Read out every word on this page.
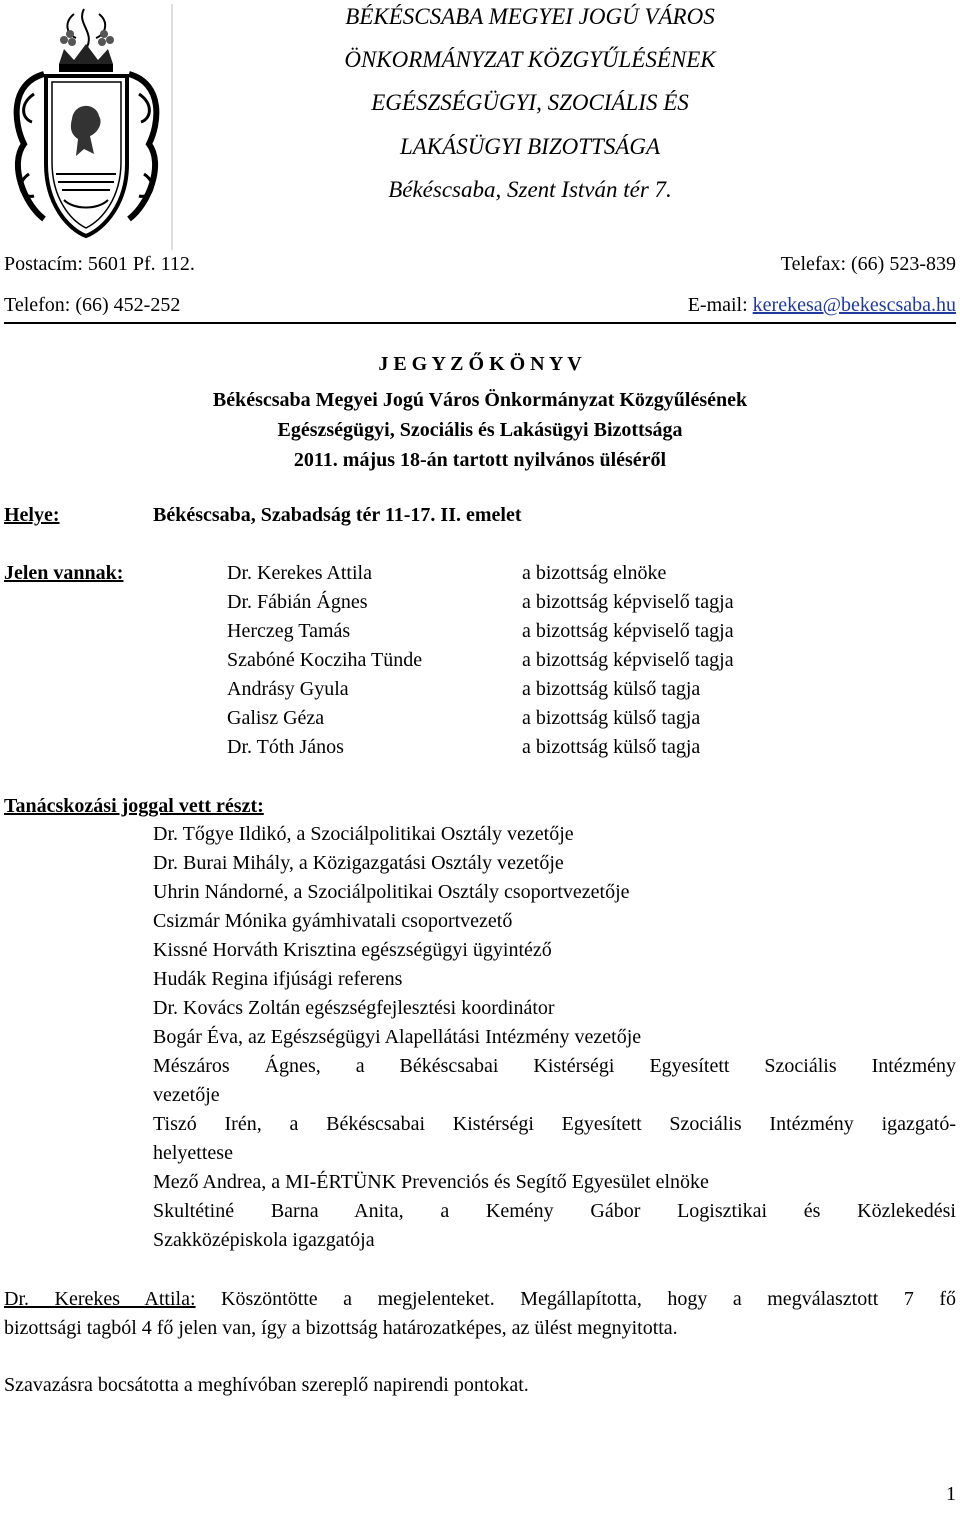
BÉKÉSCSABA MEGYEI JOGÚ VÁROS
ÖNKORMÁNYZAT KÖZGYŰLÉSÉNEK
EGÉSZSÉGÜGYI, SZOCIÁLIS ÉS
LAKÁSÜGYI BIZOTTSÁGA
Békéscsaba, Szent István tér 7.
Postacím: 5601 Pf. 112.	Telefax: (66) 523-839
Telefon: (66) 452-252	E-mail: kerekesa@bekescsaba.hu
J E G Y Z Ő K Ö N Y V
Békéscsaba Megyei Jogú Város Önkormányzat Közgyűlésének
Egészségügyi, Szociális és Lakásügyi Bizottsága
2011. május 18-án tartott nyilvános üléséről
Helye:	Békéscsaba, Szabadság tér 11-17. II. emelet
Jelen vannak:	Dr. Kerekes Attila	a bizottság elnöke
Dr. Fábián Ágnes	a bizottság képviselő tagja
Herczeg Tamás	a bizottság képviselő tagja
Szabóné Kocziha Tünde	a bizottság képviselő tagja
Andrásy Gyula	a bizottság külső tagja
Galisz Géza	a bizottság külső tagja
Dr. Tóth János	a bizottság külső tagja
Tanácskozási joggal vett részt:
Dr. Tőgye Ildikó, a Szociálpolitikai Osztály vezetője
Dr. Burai Mihály, a Közigazgatási Osztály vezetője
Uhrin Nándorné, a Szociálpolitikai Osztály csoportvezetője
Csizmár Mónika gyámhivatali csoportvezető
Kissné Horváth Krisztina egészségügyi ügyintéző
Hudák Regina ifjúsági referens
Dr. Kovács Zoltán egészségfejlesztési koordinátor
Bogár Éva, az Egészségügyi Alapellátási Intézmény vezetője
Mészáros Ágnes, a Békéscsabai Kistérségi Egyesített Szociális Intézmény
vezetője
Tiszó Irén, a Békéscsabai Kistérségi Egyesített Szociális Intézmény igazgató-
helyettese
Mező Andrea, a MI-ÉRTÜNK Prevenciós és Segítő Egyesület elnöke
Skultétiné Barna Anita, a Kemény Gábor Logisztikai és Közlekedési
Szakközépiskola igazgatója
Dr. Kerekes Attila: Köszöntötte a megjelenteket. Megállapította, hogy a megválasztott 7 fő
bizottsági tagból 4 fő jelen van, így a bizottság határozatképes, az ülést megnyitotta.
Szavazásra bocsátotta a meghívóban szereplő napirendi pontokat.
1
